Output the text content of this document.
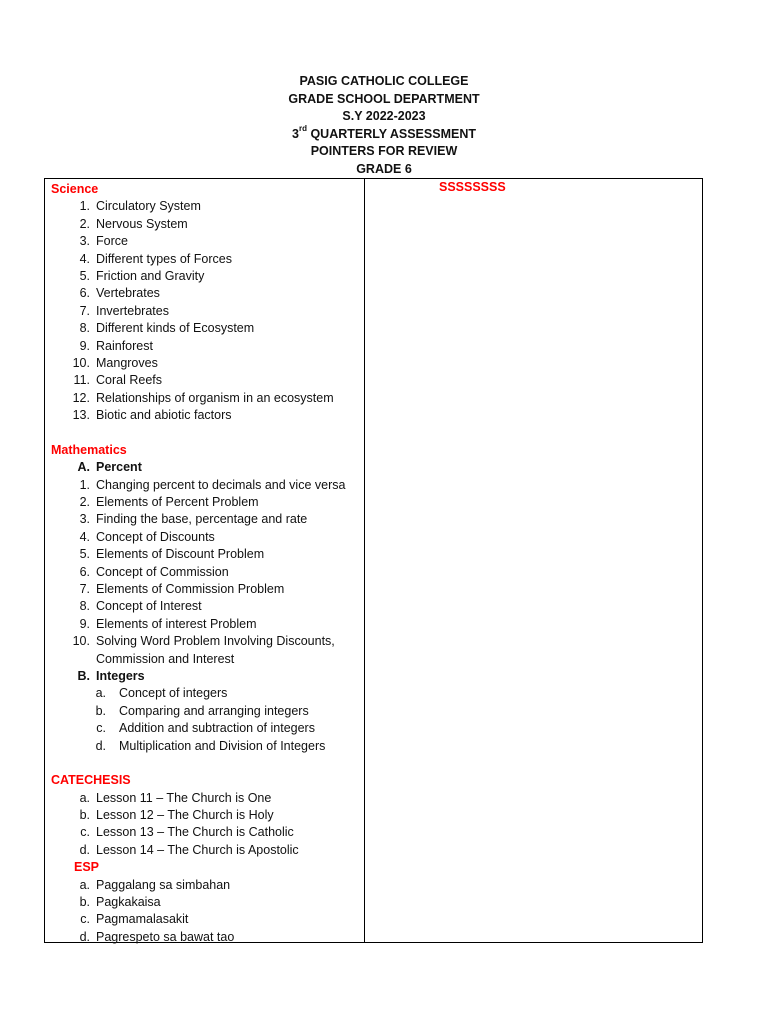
PASIG CATHOLIC COLLEGE
GRADE SCHOOL DEPARTMENT
S.Y 2022-2023
3rd QUARTERLY ASSESSMENT
POINTERS FOR REVIEW
GRADE 6
Science
1. Circulatory System
2. Nervous System
3. Force
4. Different types of Forces
5. Friction and Gravity
6. Vertebrates
7. Invertebrates
8. Different kinds of Ecosystem
9. Rainforest
10. Mangroves
11. Coral Reefs
12. Relationships of organism in an ecosystem
13. Biotic and abiotic factors
Mathematics
A. Percent
1. Changing percent to decimals and vice versa
2. Elements of Percent Problem
3. Finding the base, percentage and rate
4. Concept of Discounts
5. Elements of Discount Problem
6. Concept of Commission
7. Elements of Commission Problem
8. Concept of Interest
9. Elements of interest Problem
10. Solving Word Problem Involving Discounts,
Commission and Interest
B. Integers
a. Concept of integers
b. Comparing and arranging integers
c. Addition and subtraction of integers
d. Multiplication and Division of Integers
CATECHESIS
a. Lesson 11 – The Church is One
b. Lesson 12 – The Church is Holy
c. Lesson 13 – The Church is Catholic
d. Lesson 14 – The Church is Apostolic
ESP
a. Paggalang sa simbahan
b. Pagkakaisa
c. Pagmamalasakit
d. Pagrespeto sa bawat tao
SSSSSSSS
